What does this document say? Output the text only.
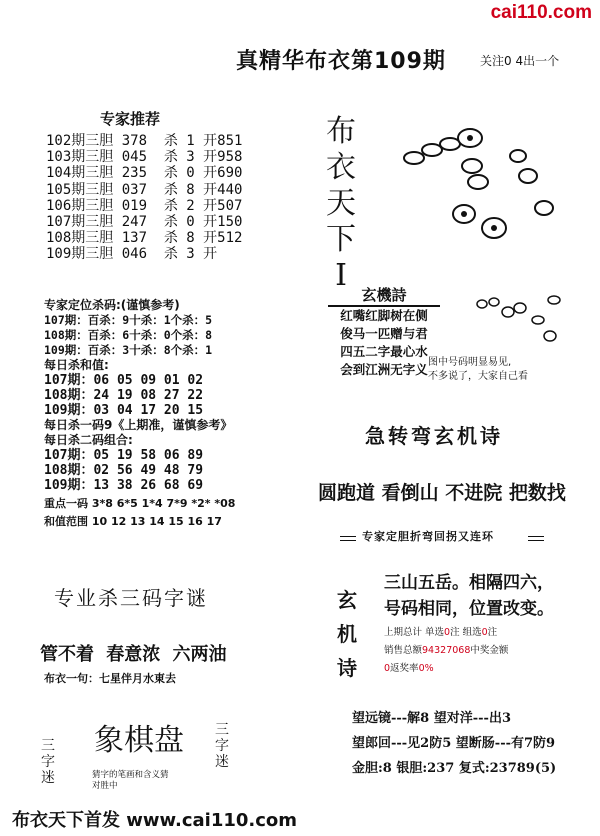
cai110.com
真精华布衣第109期	关注0 4出一个
专家推荐
102期三胆 378  杀 1 开851
103期三胆 045  杀 3 开958
104期三胆 235  杀 0 开690
105期三胆 037  杀 8 开440
106期三胆 019  杀 2 开507
107期三胆 247  杀 0 开150
108期三胆 137  杀 8 开512
109期三胆 046  杀 3 开
专家定位杀码:(谨慎参考)
107期：百杀：9十杀：1个杀：5
108期：百杀：6十杀：0个杀：8
109期：百杀：3十杀：8个杀：1
每日杀和值:
107期：06 05 09 01 02
108期：24 19 08 27 22
109期：03 04 17 20 15
每日杀一码9《上期准，谨慎参考》
每日杀二码组合:
107期：05 19 58 06 89
108期：02 56 49 48 79
109期：13 38 26 68 69
重点一码 3*8 6*5 1*4 7*9 *2* *08
和值范围 10 12 13 14 15 16 17
布
衣
天
下
I
玄機詩
红嘴红脚树在侧
俊马一匹赠与君
四五二字最心水
会到江洲无字义 图中号码明显易见,
不多说了，大家自己看
急转弯玄机诗
圆跑道 看倒山 不进院 把数找
专家定胆折弯回拐又连环
玄
机
诗
三山五岳。相隔四六，
号码相同，位置改变。
上期总计 单选0注 组选0注
销售总额94327068中奖金额
0返奖率0%
望远镜---解8 望对洋---出3
望郎回---见2防5 望断肠---有7防9
金胆:8 银胆:237 复式:23789(5)
专业杀三码字谜
管不着 春意浓 六两油
布衣一句：七星伴月水東去
三
字
迷
象棋盘
猜字的笔画和含义猜
对胜中
三
字
迷
布衣天下首发 www.cai110.com
